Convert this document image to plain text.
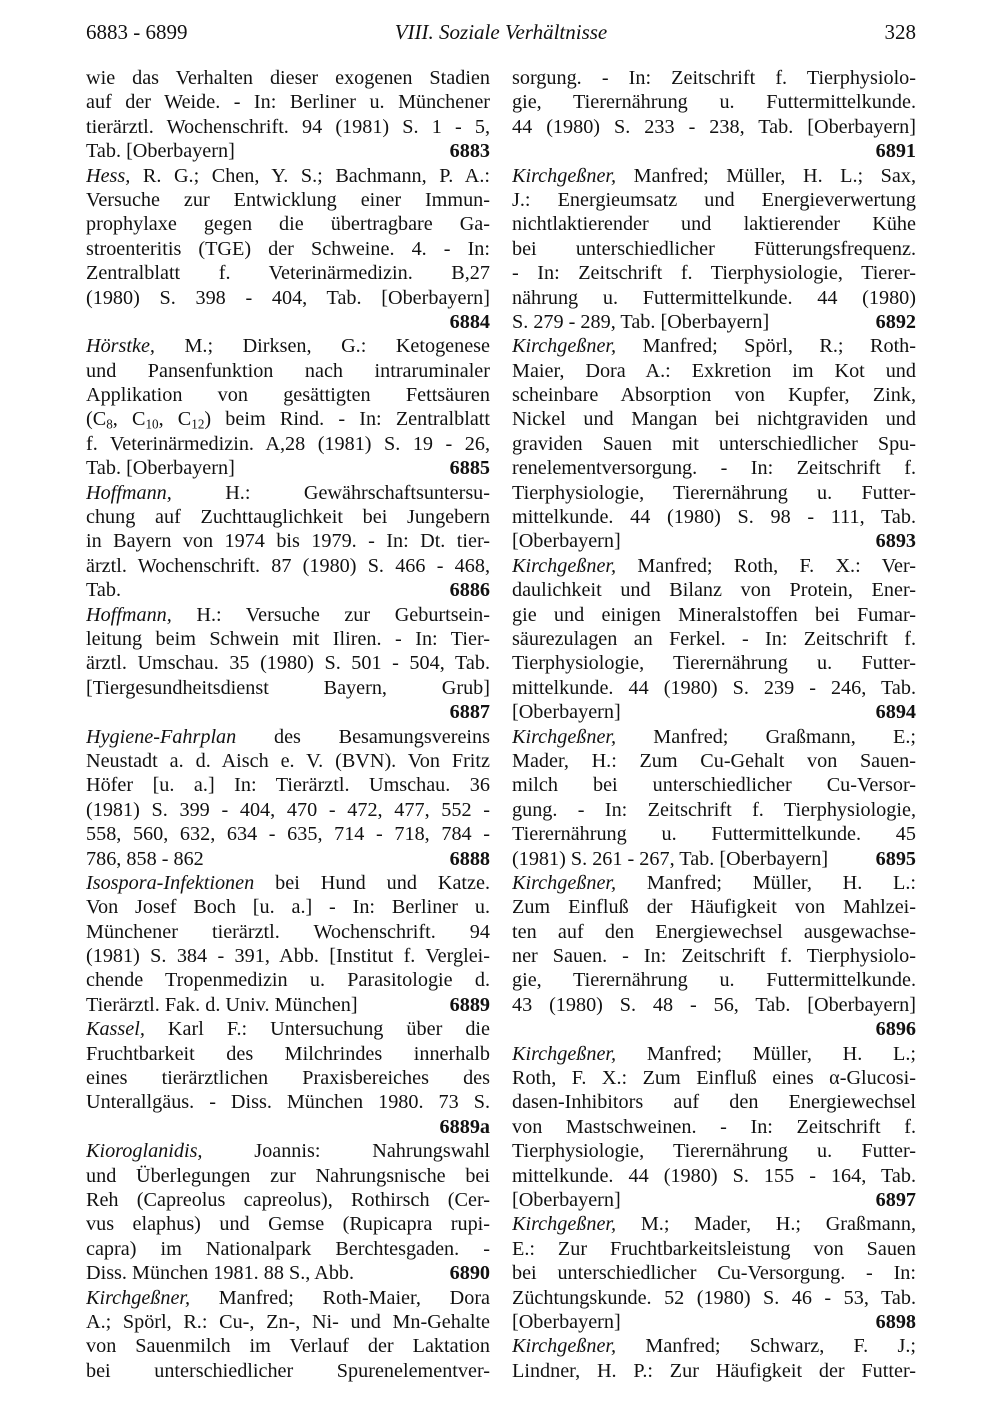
6883 - 6899	VIII. Soziale Verhältnisse	328
wie das Verhalten dieser exogenen Stadien
auf der Weide. - In: Berliner u. Münchener
tierärztl. Wochenschrift. 94 (1981) S. 1 - 5,
Tab. [Oberbayern]	6883
Hess, R. G.; Chen, Y. S.; Bachmann, P. A.:
Versuche zur Entwicklung einer Immun-
prophylaxe gegen die übertragbare Ga-
stroenteritis (TGE) der Schweine. 4. - In:
Zentralblatt f. Veterinärmedizin. B,27
(1980) S. 398 - 404, Tab. [Oberbayern]
6884
Hörstke, M.; Dirksen, G.: Ketogenese
und Pansenfunktion nach intraruminaler
Applikation von gesättigten Fettsäuren
($C_8$, $C_{10}$, $C_{12}$) beim Rind. - In: Zentralblatt
f. Veterinärmedizin. A,28 (1981) S. 19 - 26,
Tab. [Oberbayern]	6885
Hoffmann, H.: Gewährschaftsuntersu-
chung auf Zuchttauglichkeit bei Jungebern
in Bayern von 1974 bis 1979. - In: Dt. tier-
ärztl. Wochenschrift. 87 (1980) S. 466 - 468,
Tab.	6886
Hoffmann, H.: Versuche zur Geburtsein-
leitung beim Schwein mit Iliren. - In: Tier-
ärztl. Umschau. 35 (1980) S. 501 - 504, Tab.
[Tiergesundheitsdienst Bayern, Grub]
6887
Hygiene-Fahrplan des Besamungsvereins
Neustadt a. d. Aisch e. V. (BVN). Von Fritz
Höfer [u. a.] In: Tierärztl. Umschau. 36
(1981) S. 399 - 404, 470 - 472, 477, 552 -
558, 560, 632, 634 - 635, 714 - 718, 784 -
786, 858 - 862	6888
Isospora-Infektionen bei Hund und Katze.
Von Josef Boch [u. a.] - In: Berliner u.
Münchener tierärztl. Wochenschrift. 94
(1981) S. 384 - 391, Abb. [Institut f. Verglei-
chende Tropenmedizin u. Parasitologie d.
Tierärztl. Fak. d. Univ. München]	6889
Kassel, Karl F.: Untersuchung über die
Fruchtbarkeit des Milchrindes innerhalb
eines tierärztlichen Praxisbereiches des
Unterallgäus. - Diss. München 1980. 73 S.
6889a
Kioroglanidis, Joannis: Nahrungswahl
und Überlegungen zur Nahrungsnische bei
Reh (Capreolus capreolus), Rothirsch (Cer-
vus elaphus) und Gemse (Rupicapra rupi-
capra) im Nationalpark Berchtesgaden. -
Diss. München 1981. 88 S., Abb.	6890
Kirchgeßner, Manfred; Roth-Maier, Dora
A.; Spörl, R.: Cu-, Zn-, Ni- und Mn-Gehalte
von Sauenmilch im Verlauf der Laktation
bei unterschiedlicher Spurenelementver-
sorgung. - In: Zeitschrift f. Tierphysiolo-
gie, Tierernährung u. Futtermittelkunde.
44 (1980) S. 233 - 238, Tab. [Oberbayern]
6891
Kirchgeßner, Manfred; Müller, H. L.; Sax,
J.: Energieumsatz und Energieverwertung
nichtlaktierender und laktierender Kühe
bei unterschiedlicher Fütterungsfrequenz.
- In: Zeitschrift f. Tierphysiologie, Tierer-
nährung u. Futtermittelkunde. 44 (1980)
S. 279 - 289, Tab. [Oberbayern]	6892
Kirchgeßner, Manfred; Spörl, R.; Roth-
Maier, Dora A.: Exkretion im Kot und
scheinbare Absorption von Kupfer, Zink,
Nickel und Mangan bei nichtgraviden und
graviden Sauen mit unterschiedlicher Spu-
renelementversorgung. - In: Zeitschrift f.
Tierphysiologie, Tierernährung u. Futter-
mittelkunde. 44 (1980) S. 98 - 111, Tab.
[Oberbayern]	6893
Kirchgeßner, Manfred; Roth, F. X.: Ver-
daulichkeit und Bilanz von Protein, Ener-
gie und einigen Mineralstoffen bei Fumar-
säurezulagen an Ferkel. - In: Zeitschrift f.
Tierphysiologie, Tierernährung u. Futter-
mittelkunde. 44 (1980) S. 239 - 246, Tab.
[Oberbayern]	6894
Kirchgeßner, Manfred; Graßmann, E.;
Mader, H.: Zum Cu-Gehalt von Sauen-
milch bei unterschiedlicher Cu-Versor-
gung. - In: Zeitschrift f. Tierphysiologie,
Tierernährung u. Futtermittelkunde. 45
(1981) S. 261 - 267, Tab. [Oberbayern] 6895
Kirchgeßner, Manfred; Müller, H. L.:
Zum Einfluß der Häufigkeit von Mahlzei-
ten auf den Energiewechsel ausgewachse-
ner Sauen. - In: Zeitschrift f. Tierphysiolo-
gie, Tierernährung u. Futtermittelkunde.
43 (1980) S. 48 - 56, Tab. [Oberbayern]
6896
Kirchgeßner, Manfred; Müller, H. L.;
Roth, F. X.: Zum Einfluß eines α-Glucosi-
dasen-Inhibitors auf den Energiewechsel
von Mastschweinen. - In: Zeitschrift f.
Tierphysiologie, Tierernährung u. Futter-
mittelkunde. 44 (1980) S. 155 - 164, Tab.
[Oberbayern]	6897
Kirchgeßner, M.; Mader, H.; Graßmann,
E.: Zur Fruchtbarkeitsleistung von Sauen
bei unterschiedlicher Cu-Versorgung. - In:
Züchtungskunde. 52 (1980) S. 46 - 53, Tab.
[Oberbayern]	6898
Kirchgeßner, Manfred; Schwarz, F. J.;
Lindner, H. P.: Zur Häufigkeit der Futter-
